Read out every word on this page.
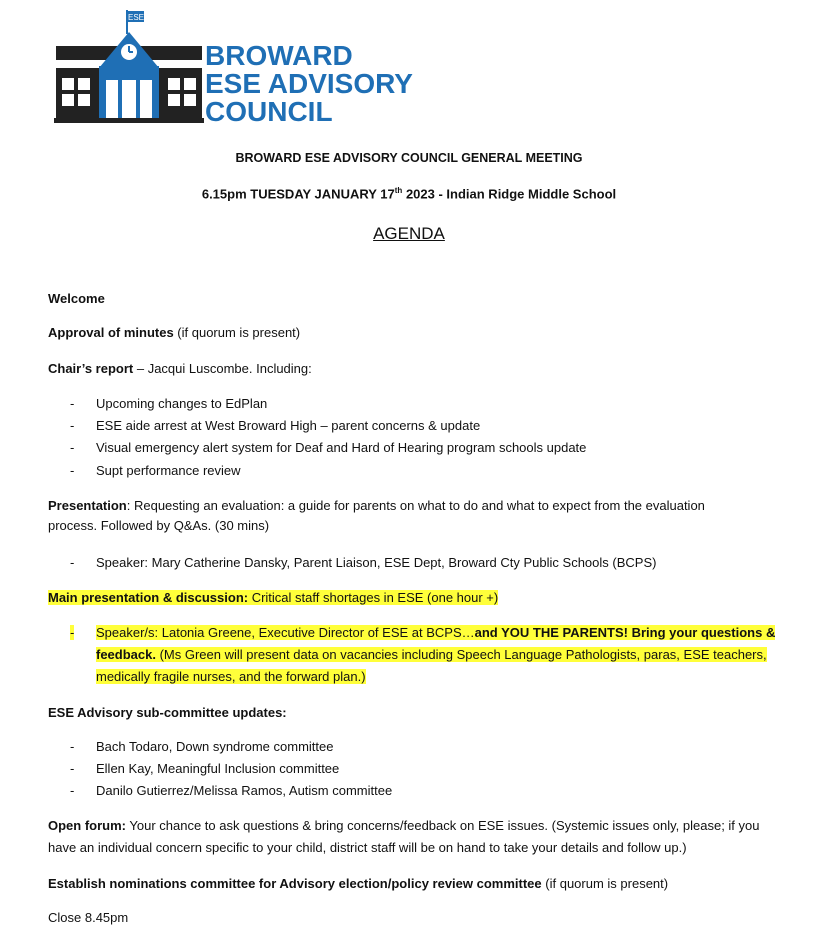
ESE
BROWARD
ESE ADVISORY
COUNCIL
BROWARD ESE ADVISORY COUNCIL GENERAL MEETING
6.15pm TUESDAY JANUARY 17th 2023 - Indian Ridge Middle School
AGENDA
Welcome
Approval of minutes (if quorum is present)
Chair’s report – Jacqui Luscombe. Including:
- Upcoming changes to EdPlan
- ESE aide arrest at West Broward High – parent concerns & update
- Visual emergency alert system for Deaf and Hard of Hearing program schools update
- Supt performance review
Presentation: Requesting an evaluation: a guide for parents on what to do and what to expect from the evaluation
process. Followed by Q&As. (30 mins)
- Speaker: Mary Catherine Dansky, Parent Liaison, ESE Dept, Broward Cty Public Schools (BCPS)
Main presentation & discussion: Critical staff shortages in ESE (one hour +)
- Speaker/s: Latonia Greene, Executive Director of ESE at BCPS…and YOU THE PARENTS! Bring your questions &
feedback. (Ms Green will present data on vacancies including Speech Language Pathologists, paras, ESE teachers,
medically fragile nurses, and the forward plan.)
ESE Advisory sub-committee updates:
- Bach Todaro, Down syndrome committee
- Ellen Kay, Meaningful Inclusion committee
- Danilo Gutierrez/Melissa Ramos, Autism committee
Open forum: Your chance to ask questions & bring concerns/feedback on ESE issues. (Systemic issues only, please; if you
have an individual concern specific to your child, district staff will be on hand to take your details and follow up.)
Establish nominations committee for Advisory election/policy review committee (if quorum is present)
Close 8.45pm
